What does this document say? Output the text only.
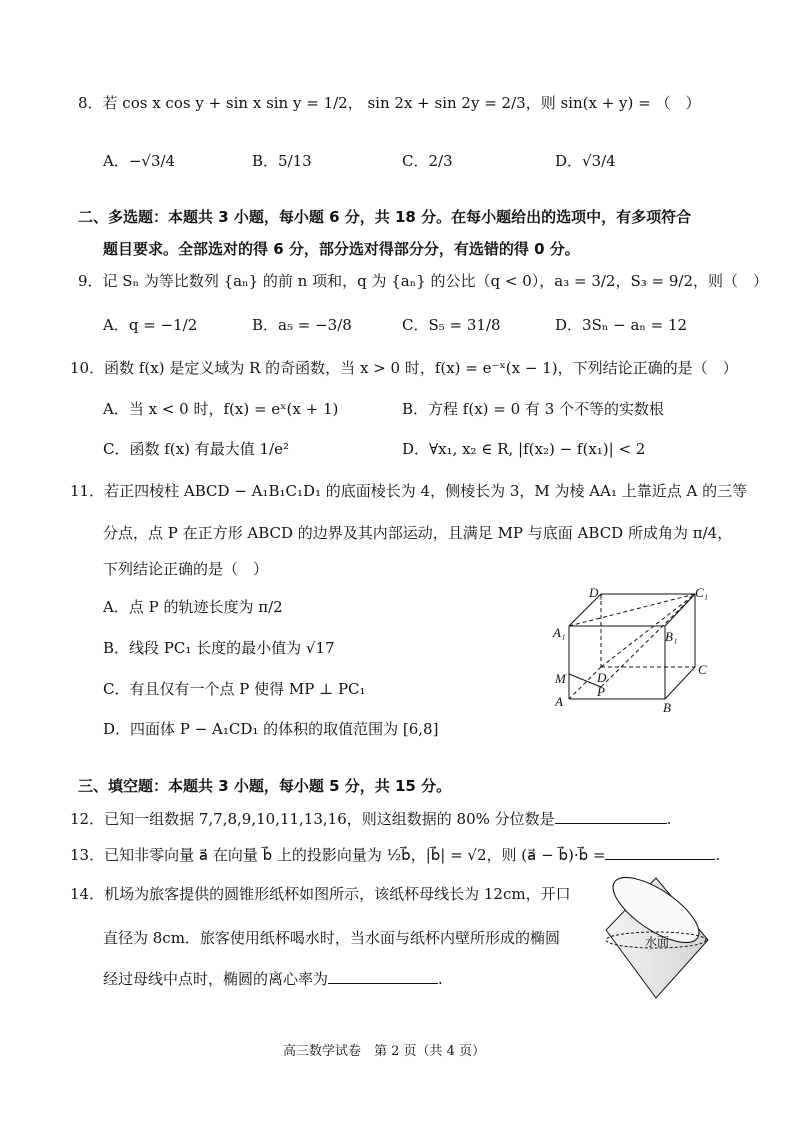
8．若 cos x cos y + sin x sin y = 1/2， sin 2x + sin 2y = 2/3，则 sin(x + y) = （　）
A．−√3/4	B．5/13	C．2/3	D．√3/4
二、多选题：本题共 3 小题，每小题 6 分，共 18 分。在每小题给出的选项中，有多项符合
题目要求。全部选对的得 6 分，部分选对得部分分，有选错的得 0 分。
9．记 Sₙ 为等比数列 {aₙ} 的前 n 项和，q 为 {aₙ} 的公比（q < 0），a₃ = 3/2，S₃ = 9/2，则（　）
A．q = −1/2	B．a₅ = −3/8	C．S₅ = 31/8	D．3Sₙ − aₙ = 12
10．函数 f(x) 是定义域为 R 的奇函数，当 x > 0 时，f(x) = e⁻ˣ(x − 1)，下列结论正确的是（　）
A．当 x < 0 时，f(x) = eˣ(x + 1)	B．方程 f(x) = 0 有 3 个不等的实数根
C．函数 f(x) 有最大值 1/e²	D．∀x₁, x₂ ∈ R, |f(x₂) − f(x₁)| < 2
11．若正四棱柱 ABCD − A₁B₁C₁D₁ 的底面棱长为 4，侧棱长为 3，M 为棱 AA₁ 上靠近点 A 的三等
分点，点 P 在正方形 ABCD 的边界及其内部运动，且满足 MP 与底面 ABCD 所成角为 π/4，
下列结论正确的是（　）
A．点 P 的轨迹长度为 π/2
B．线段 PC₁ 长度的最小值为 √17
C．有且仅有一个点 P 使得 MP ⊥ PC₁
D．四面体 P − A₁CD₁ 的体积的取值范围为 [6,8]
D₁	C₁
A₁	B₁
C
M D
P
A	B
三、填空题：本题共 3 小题，每小题 5 分，共 15 分。
12．已知一组数据 7,7,8,9,10,11,13,16，则这组数据的 80% 分位数是	.
13．已知非零向量 a⃗ 在向量 b⃗ 上的投影向量为 ½b⃗，|b⃗| = √2，则 (a⃗ − b⃗)·b⃗ =	.
14．机场为旅客提供的圆锥形纸杯如图所示，该纸杯母线长为 12cm，开口
直径为 8cm．旅客使用纸杯喝水时，当水面与纸杯内壁所形成的椭圆
经过母线中点时，椭圆的离心率为	.
水面
高三数学试卷　第 2 页（共 4 页）
